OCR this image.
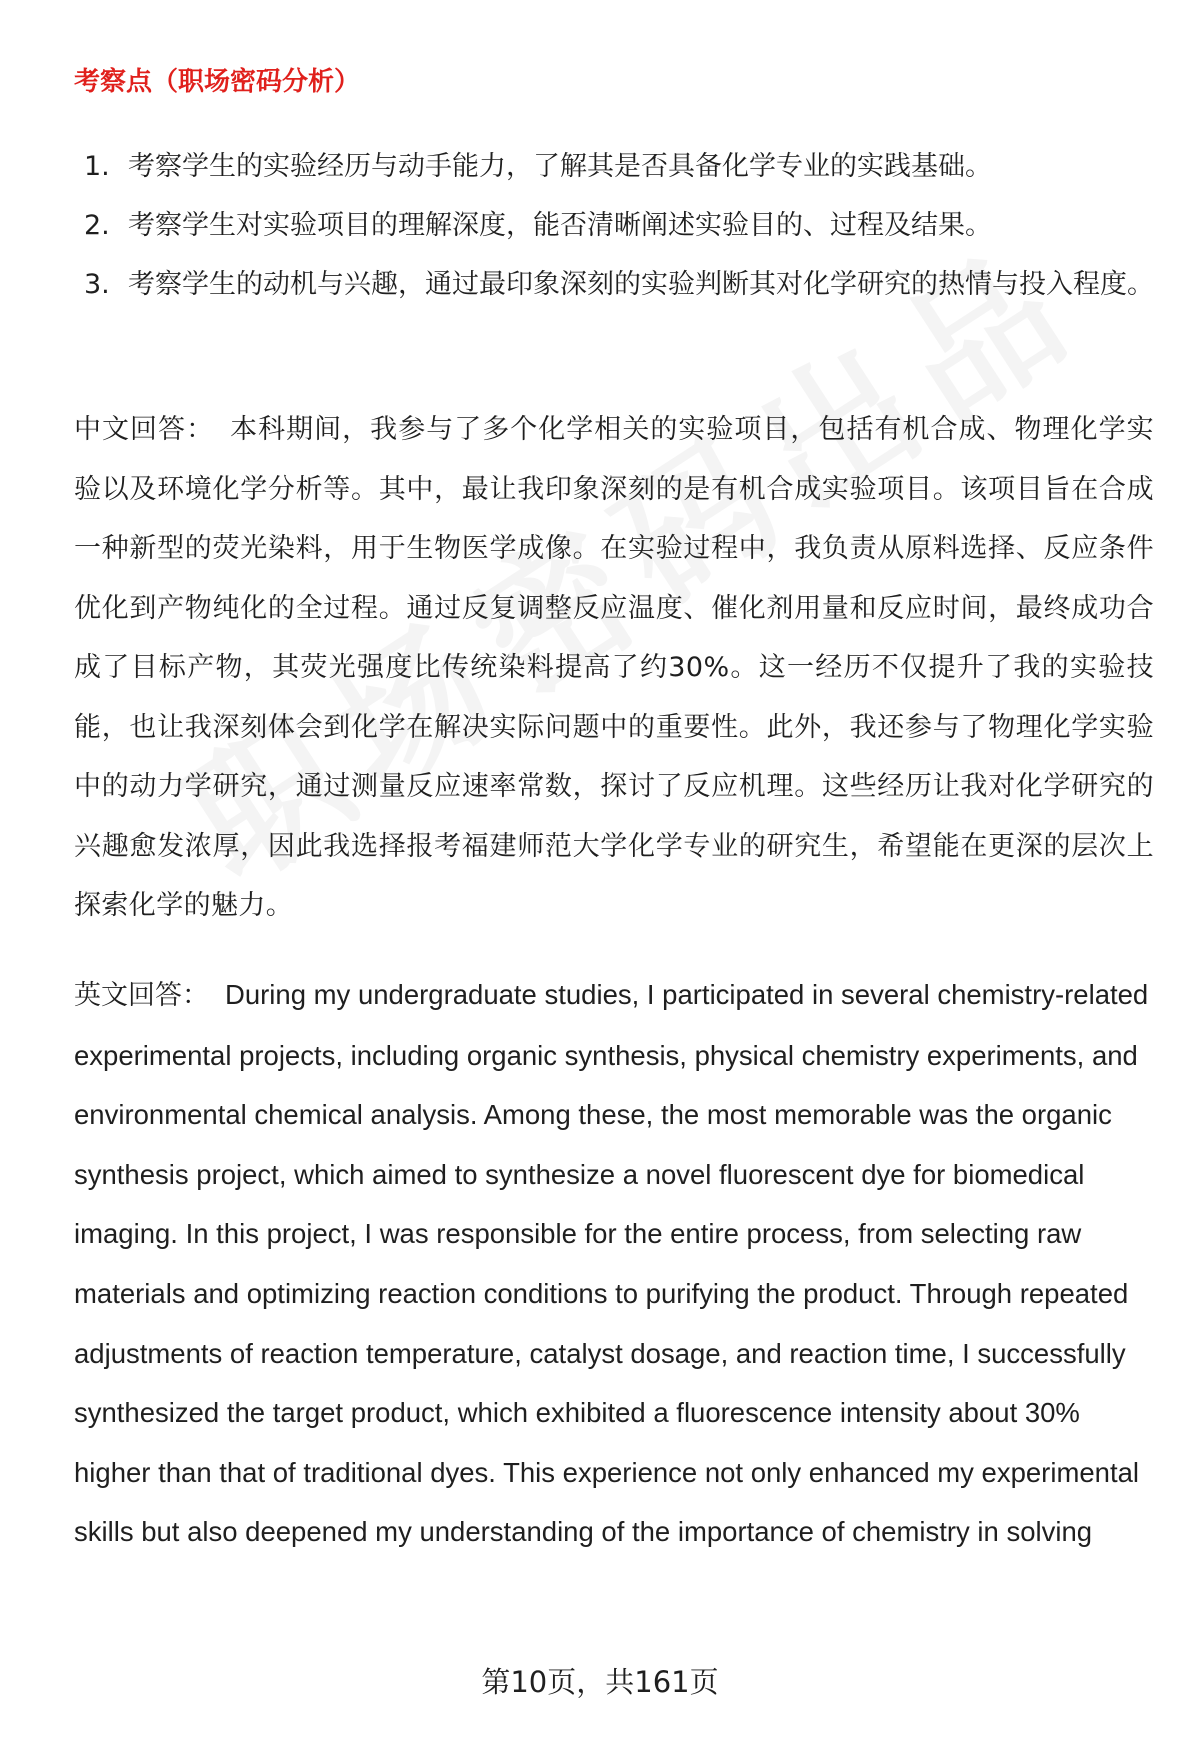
考察点（职场密码分析）
1. 考察学生的实验经历与动手能力，了解其是否具备化学专业的实践基础。
2. 考察学生对实验项目的理解深度，能否清晰阐述实验目的、过程及结果。
3. 考察学生的动机与兴趣，通过最印象深刻的实验判断其对化学研究的热情与投入程度。

中文回答： 本科期间，我参与了多个化学相关的实验项目，包括有机合成、物理化学实验以及环境化学分析等。其中，最让我印象深刻的是有机合成实验项目。该项目旨在合成一种新型的荧光染料，用于生物医学成像。在实验过程中，我负责从原料选择、反应条件优化到产物纯化的全过程。通过反复调整反应温度、催化剂用量和反应时间，最终成功合成了目标产物，其荧光强度比传统染料提高了约30%。这一经历不仅提升了我的实验技能，也让我深刻体会到化学在解决实际问题中的重要性。此外，我还参与了物理化学实验中的动力学研究，通过测量反应速率常数，探讨了反应机理。这些经历让我对化学研究的兴趣愈发浓厚，因此我选择报考福建师范大学化学专业的研究生，希望能在更深的层次上探索化学的魅力。

英文回答： During my undergraduate studies, I participated in several chemistry-related experimental projects, including organic synthesis, physical chemistry experiments, and environmental chemical analysis. Among these, the most memorable was the organic synthesis project, which aimed to synthesize a novel fluorescent dye for biomedical imaging. In this project, I was responsible for the entire process, from selecting raw materials and optimizing reaction conditions to purifying the product. Through repeated adjustments of reaction temperature, catalyst dosage, and reaction time, I successfully synthesized the target product, which exhibited a fluorescence intensity about 30% higher than that of traditional dyes. This experience not only enhanced my experimental skills but also deepened my understanding of the importance of chemistry in solving

第10页，共161页
